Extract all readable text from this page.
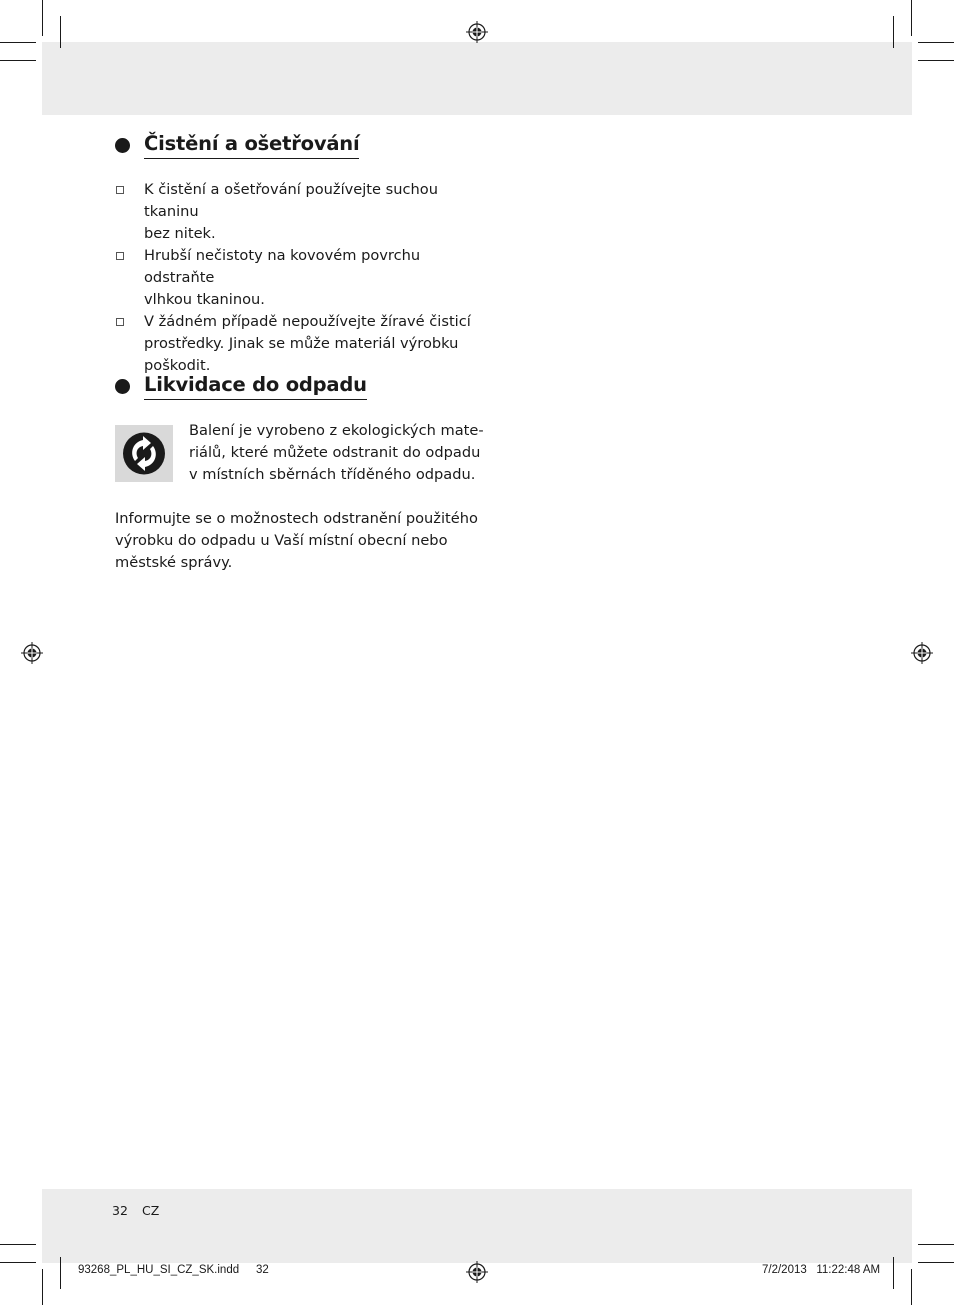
Čistění a ošetřování
K čistění a ošetřování používejte suchou tkaninu
bez nitek.
Hrubší nečistoty na kovovém povrchu odstraňte
vlhkou tkaninou.
V žádném případě nepoužívejte žíravé čisticí
prostředky. Jinak se může materiál výrobku
poškodit.
Likvidace do odpadu

Balení je vyrobeno z ekologických mate-
riálů, které můžete odstranit do odpadu
v místních sběrnách tříděného odpadu.

Informujte se o možnostech odstranění použitého
výrobku do odpadu u Vaší místní obecní nebo
městské správy.

32 CZ
93268_PL_HU_SI_CZ_SK.indd 32	7/2/2013   11:22:48 AM
